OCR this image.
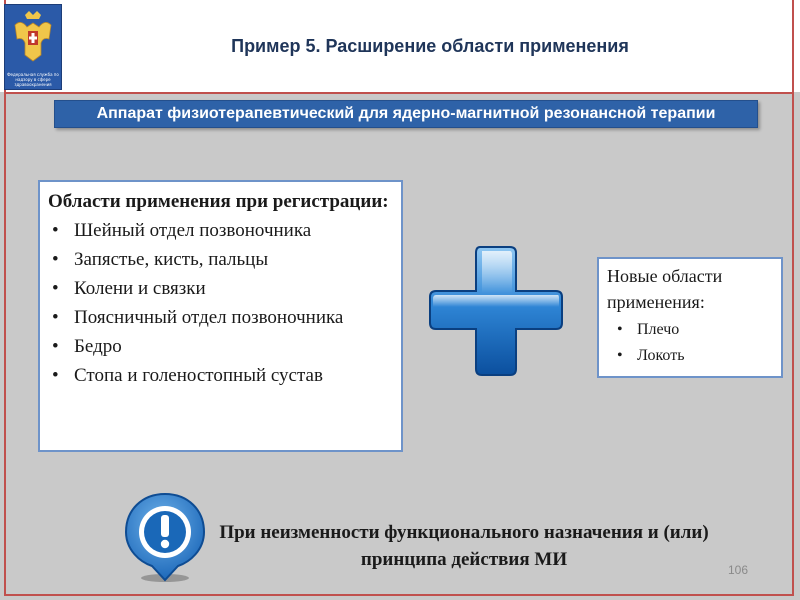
Федеральная служба по надзору в сфере здравоохранения
Пример 5. Расширение области применения
Аппарат физиотерапевтический для ядерно-магнитной резонансной терапии
Области применения при регистрации:
• Шейный отдел позвоночника
• Запястье, кисть, пальцы
• Колени и связки
• Поясничный отдел позвоночника
• Бедро
• Стопа и голеностопный сустав
Новые области применения:
• Плечо
• Локоть
При неизменности функционального назначения и (или) принципа действия МИ	106
